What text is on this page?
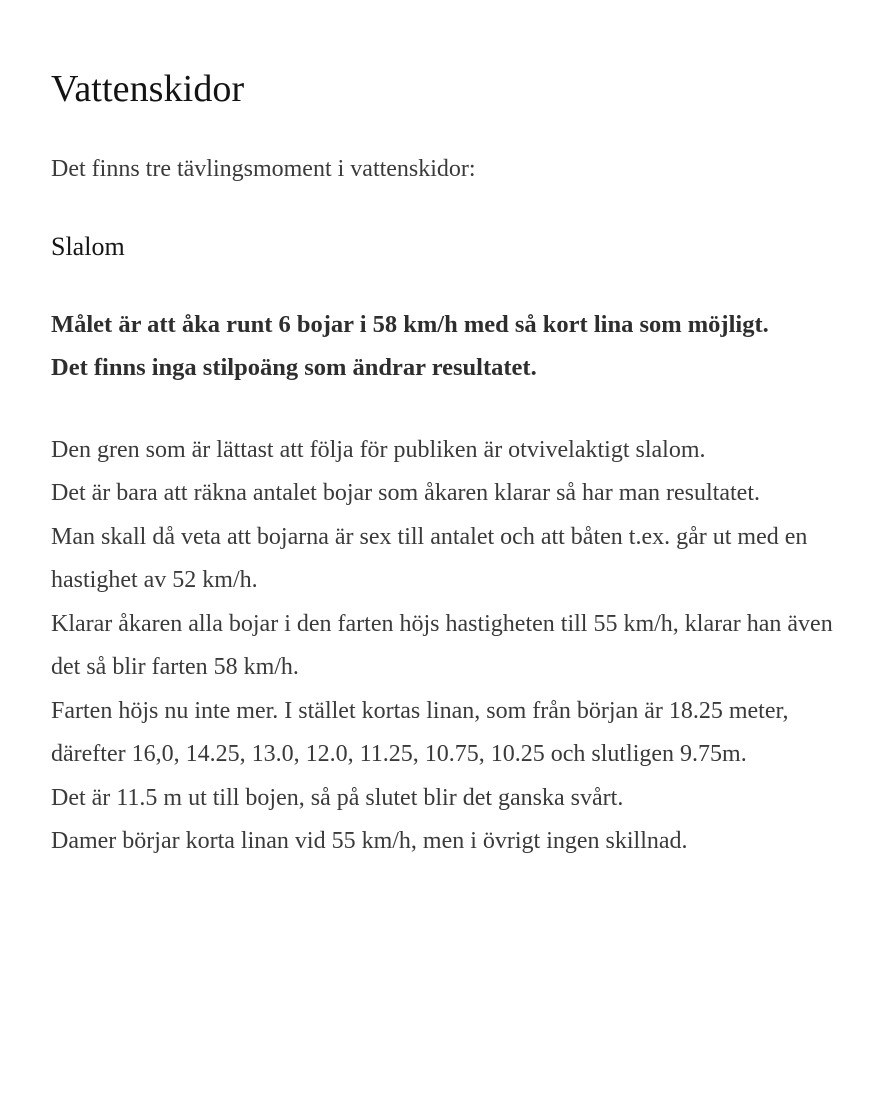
Vattenskidor

Det finns tre tävlingsmoment i vattenskidor:

Slalom

Målet är att åka runt 6 bojar i 58 km/h med så kort lina som möjligt.
Det finns inga stilpoäng som ändrar resultatet.

Den gren som är lättast att följa för publiken är otvivelaktigt slalom.
Det är bara att räkna antalet bojar som åkaren klarar så har man resultatet.
Man skall då veta att bojarna är sex till antalet och att båten t.ex. går ut med en hastighet av 52 km/h.
Klarar åkaren alla bojar i den farten höjs hastigheten till 55 km/h, klarar han även det så blir farten 58 km/h.
Farten höjs nu inte mer. I stället kortas linan, som från början är 18.25 meter,
därefter 16,0, 14.25, 13.0, 12.0, 11.25, 10.75, 10.25 och slutligen 9.75m.
Det är 11.5 m ut till bojen, så på slutet blir det ganska svårt.
Damer börjar korta linan vid 55 km/h, men i övrigt ingen skillnad.
